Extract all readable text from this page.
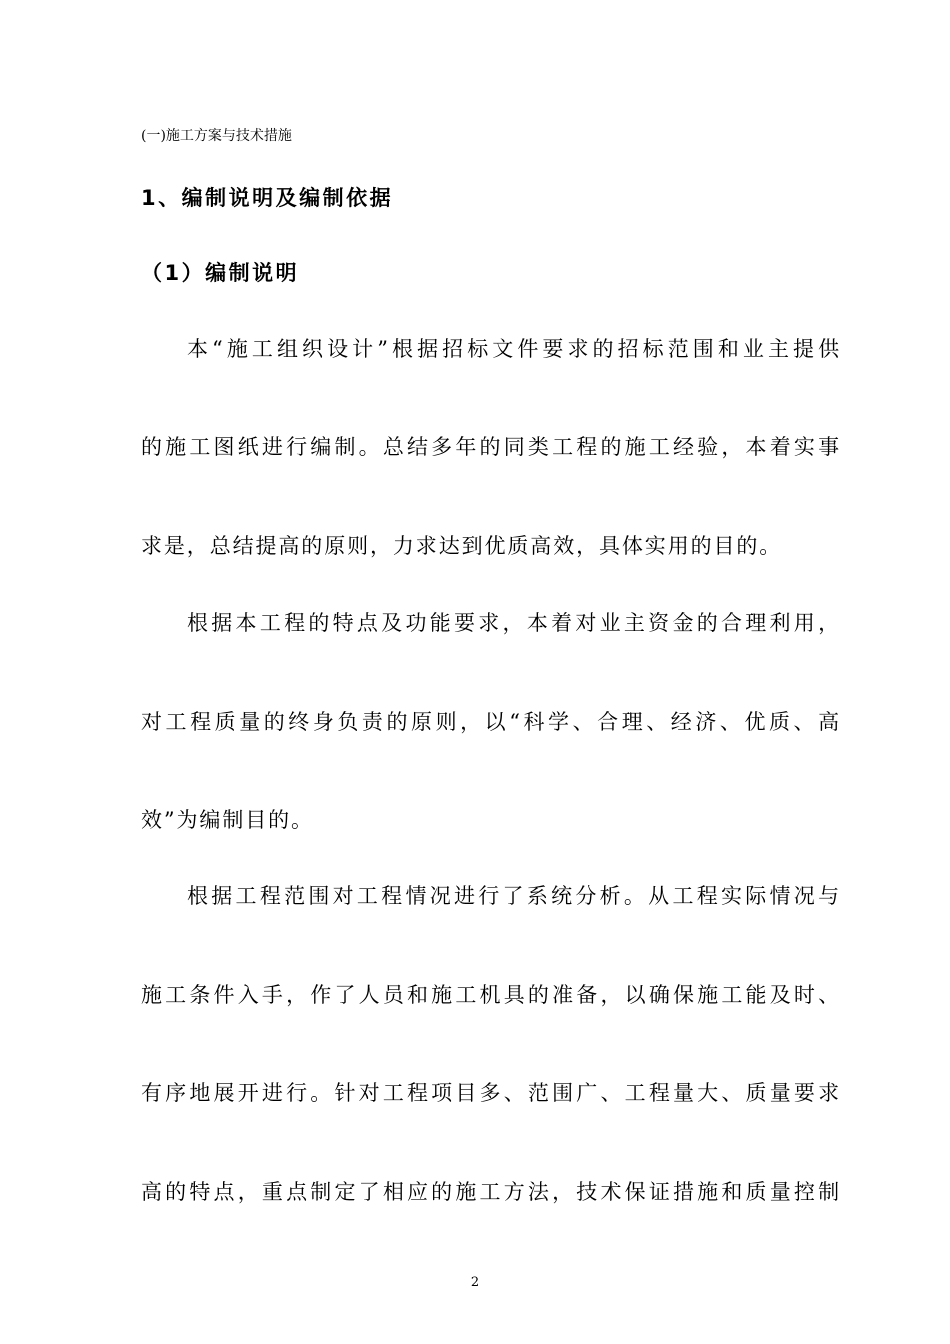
(一)施工方案与技术措施
1、编制说明及编制依据
（1）编制说明
本“施工组织设计”根据招标文件要求的招标范围和业主提供
的施工图纸进行编制。总结多年的同类工程的施工经验，本着实事
求是，总结提高的原则，力求达到优质高效，具体实用的目的。
根据本工程的特点及功能要求，本着对业主资金的合理利用，
对工程质量的终身负责的原则，以“科学、合理、经济、优质、高
效”为编制目的。
根据工程范围对工程情况进行了系统分析。从工程实际情况与
施工条件入手，作了人员和施工机具的准备，以确保施工能及时、
有序地展开进行。针对工程项目多、范围广、工程量大、质量要求
高的特点，重点制定了相应的施工方法，技术保证措施和质量控制
2
